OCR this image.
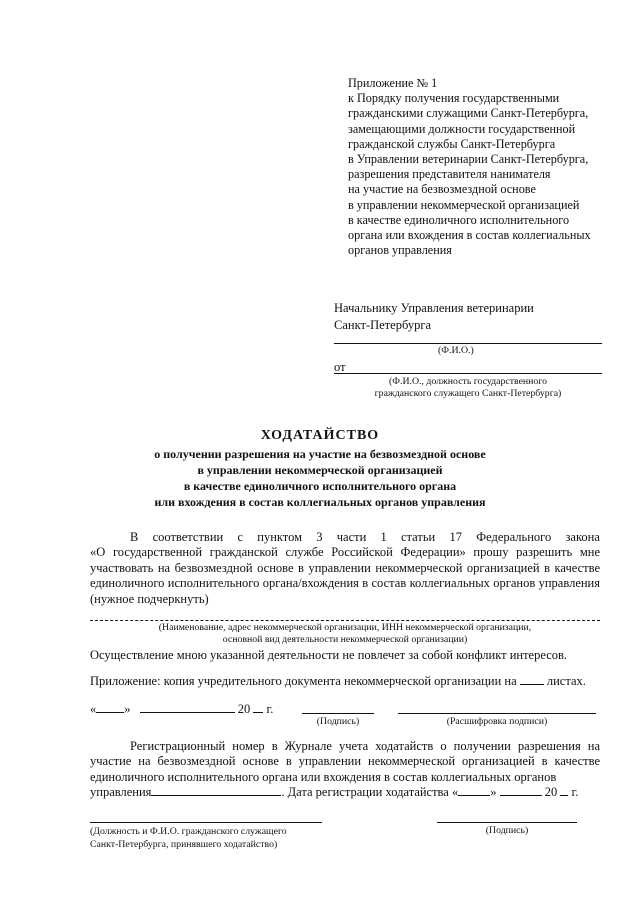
Приложение № 1
к Порядку получения государственными
гражданскими служащими Санкт-Петербурга,
замещающими должности государственной
гражданской службы Санкт-Петербурга
в Управлении ветеринарии Санкт-Петербурга,
разрешения представителя нанимателя
на участие на безвозмездной основе
в управлении некоммерческой организацией
в качестве единоличного исполнительного
органа или вхождения в состав коллегиальных
органов управления
Начальнику Управления ветеринарии
Санкт-Петербурга
(Ф.И.О.)
от
(Ф.И.О., должность государственного
гражданского служащего Санкт-Петербурга)
ХОДАТАЙСТВО
о получении разрешения на участие на безвозмездной основе
в управлении некоммерческой организацией
в качестве единоличного исполнительного органа
или вхождения в состав коллегиальных органов управления
В соответствии с пунктом 3 части 1 статьи 17 Федерального закона
«О государственной гражданской службе Российской Федерации» прошу разрешить мне участвовать на безвозмездной основе в управлении некоммерческой организацией в качестве единоличного исполнительного органа/вхождения в состав коллегиальных органов управления (нужное подчеркнуть)
(Наименование, адрес некоммерческой организации, ИНН некоммерческой организации,
основной вид деятельности некоммерческой организации)
Осуществление мною указанной деятельности не повлечет за собой конфликт интересов.
Приложение: копия учредительного документа некоммерческой организации на листах.
« »	20 г.
(Подпись)	(Расшифровка подписи)
Регистрационный номер в Журнале учета ходатайств о получении разрешения на участие на безвозмездной основе в управлении некоммерческой организацией в качестве единоличного исполнительного органа или вхождения в состав коллегиальных органов
управления	. Дата регистрации ходатайства «	»	20 г.
(Должность и Ф.И.О. гражданского служащего
Санкт-Петербурга, принявшего ходатайство)
(Подпись)
